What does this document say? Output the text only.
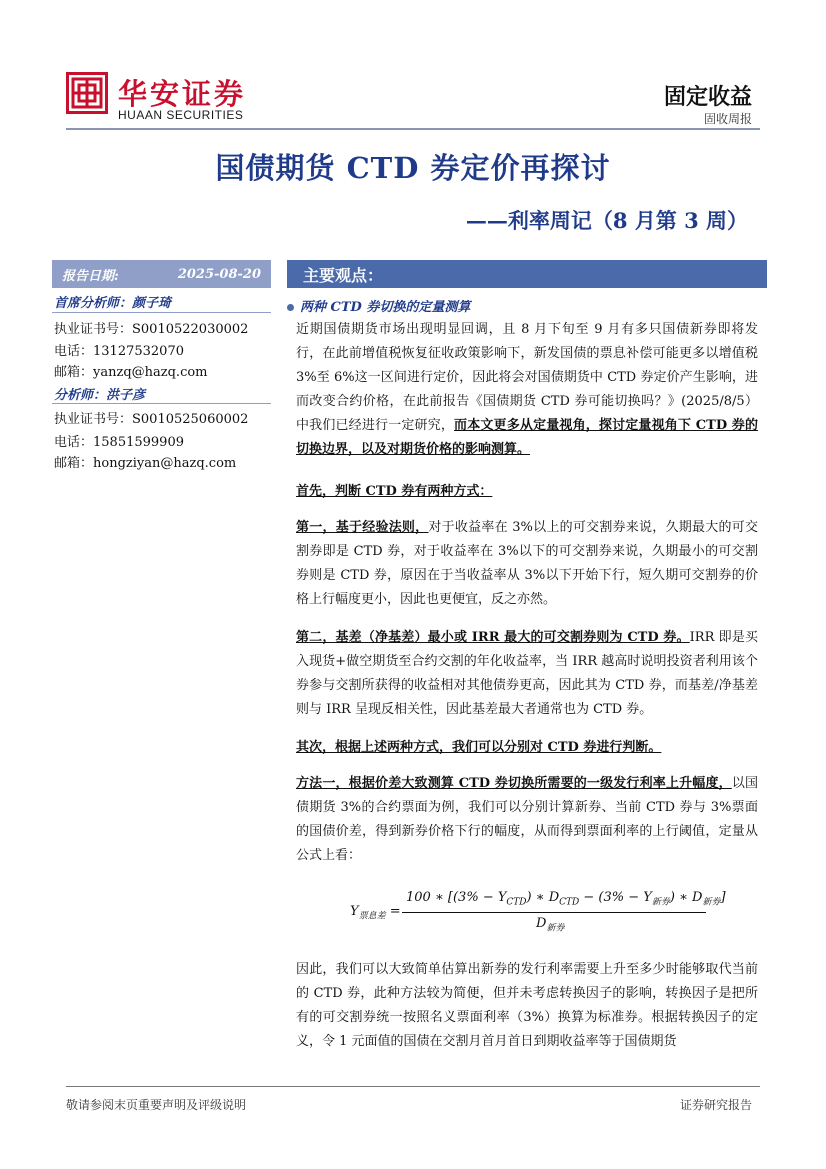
华安证券
HUAAN SECURITIES
固定收益
固收周报
国债期货 CTD 券定价再探讨
——利率周记（8 月第 3 周）
报告日期:	2025-08-20
首席分析师：颜子琦
执业证书号：S0010522030002
电话：13127532070
邮箱：yanzq@hazq.com
分析师：洪子彦
执业证书号：S0010525060002
电话：15851599909
邮箱：hongziyan@hazq.com
主要观点：
两种 CTD 券切换的定量测算
近期国债期货市场出现明显回调，且 8 月下旬至 9 月有多只国债新券即将发行，在此前增值税恢复征收政策影响下，新发国债的票息补偿可能更多以增值税 3%至 6%这一区间进行定价，因此将会对国债期货中 CTD 券定价产生影响，进而改变合约价格，在此前报告《国债期货 CTD 券可能切换吗？》(2025/8/5）中我们已经进行一定研究，而本文更多从定量视角，探讨定量视角下 CTD 券的切换边界，以及对期货价格的影响测算。
首先，判断 CTD 券有两种方式：
第一，基于经验法则，对于收益率在 3%以上的可交割券来说，久期最大的可交割券即是 CTD 券，对于收益率在 3%以下的可交割券来说，久期最小的可交割券则是 CTD 券，原因在于当收益率从 3%以下开始下行，短久期可交割券的价格上行幅度更小，因此也更便宜，反之亦然。
第二，基差（净基差）最小或 IRR 最大的可交割券则为 CTD 券。IRR 即是买入现货+做空期货至合约交割的年化收益率，当 IRR 越高时说明投资者利用该个券参与交割所获得的收益相对其他债券更高，因此其为 CTD 券，而基差/净基差则与 IRR 呈现反相关性，因此基差最大者通常也为 CTD 券。
其次，根据上述两种方式，我们可以分别对 CTD 券进行判断。
方法一，根据价差大致测算 CTD 券切换所需要的一级发行利率上升幅度，以国债期货 3%的合约票面为例，我们可以分别计算新券、当前 CTD 券与 3%票面的国债价差，得到新券价格下行的幅度，从而得到票面利率的上行阈值，定量从公式上看：
$Y_{票息差}$ =
100 ∗ [$(3\% - Y_{CTD})$ ∗ $D_{CTD} - (3\% - Y_{新券})$ ∗ $D_{新券}$]
$D_{新券}$
因此，我们可以大致简单估算出新券的发行利率需要上升至多少时能够取代当前的 CTD 券，此种方法较为简便，但并未考虑转换因子的影响，转换因子是把所有的可交割券统一按照名义票面利率（3%）换算为标准券。根据转换因子的定义，令 1 元面值的国债在交割月首月首日到期收益率等于国债期货
敬请参阅末页重要声明及评级说明	证券研究报告
